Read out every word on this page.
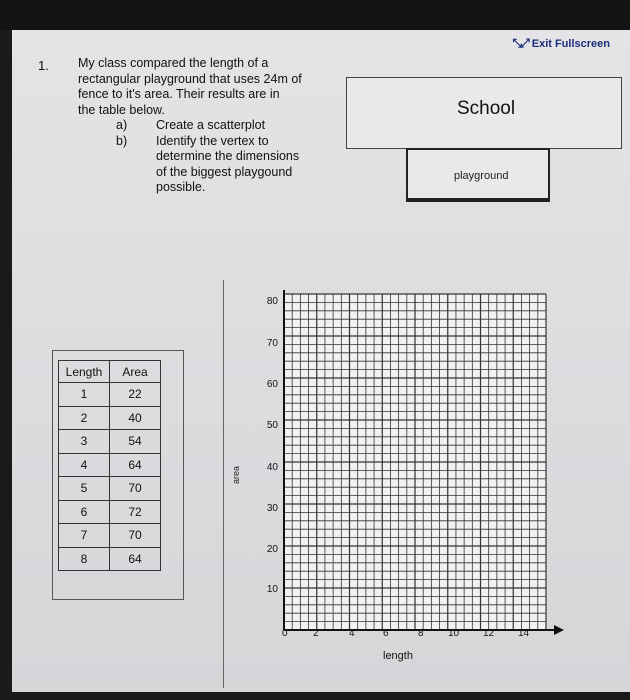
⤡⤢ Exit Fullscreen
1. My class compared the length of a

rectangular playground that uses 24m of

fence to it's area. Their results are in

the table below.

a)	Create a scatterplot
b)	Identify the vertex to
determine the dimensions
of the biggest playgound
possible.
School
playground
Length	Area
1	22
2	40
3	54
4	64
5	70
6	72
7	70
8	64
area
80
70
60
50
40
30
20
10
0	2	4	6	8 10 12 14
length
